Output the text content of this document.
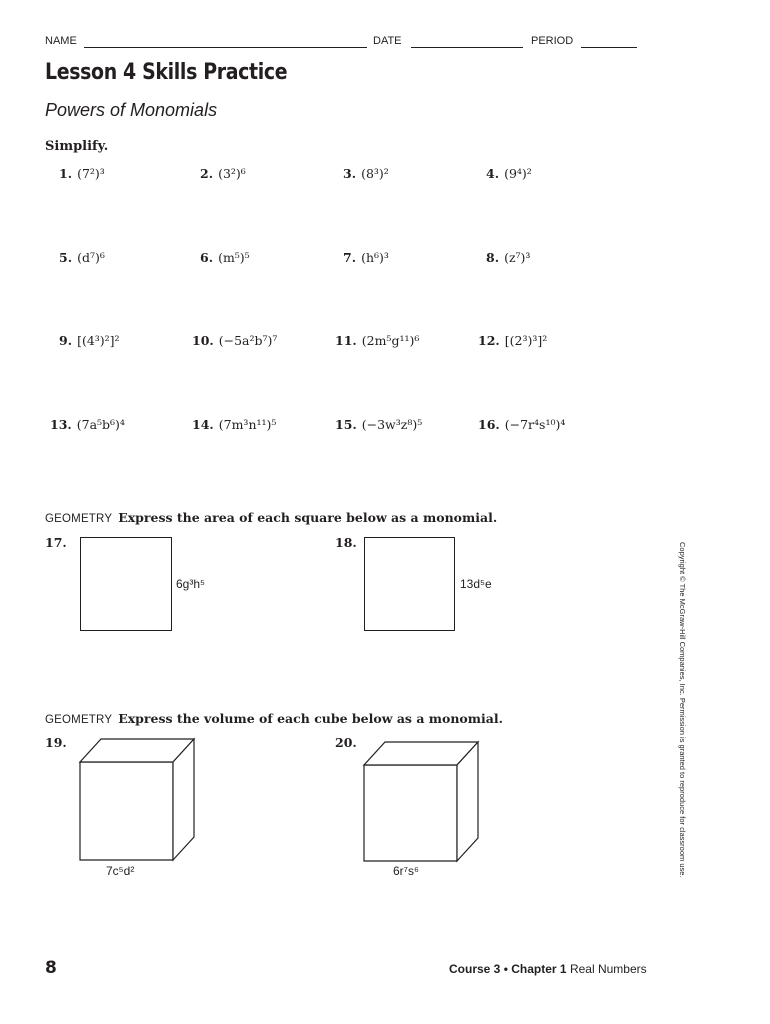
NAME	DATE	PERIOD
Lesson 4 Skills Practice
Powers of Monomials
Simplify.
1. (7²)³	2. (3²)⁶	3. (8³)²	4. (9⁴)²
5. (d⁷)⁶	6. (m⁵)⁵	7. (h⁶)³	8. (z⁷)³
9. [(4³)²]²	10. (−5a²b⁷)⁷	11. (2m⁵g¹¹)⁶	12. [(2³)³]²
13. (7a⁵b⁶)⁴	14. (7m³n¹¹)⁵	15. (−3w³z⁸)⁵	16. (−7r⁴s¹⁰)⁴
GEOMETRY Express the area of each square below as a monomial.
17.
6g³h⁵
18.
13d⁵e
GEOMETRY Express the volume of each cube below as a monomial.
19.
7c⁵d²
20.
6r⁷s⁶	Copyright © The McGraw-Hill Companies, Inc. Permission is granted to reproduce for classroom use.
8	Course 3 • Chapter 1 Real Numbers
